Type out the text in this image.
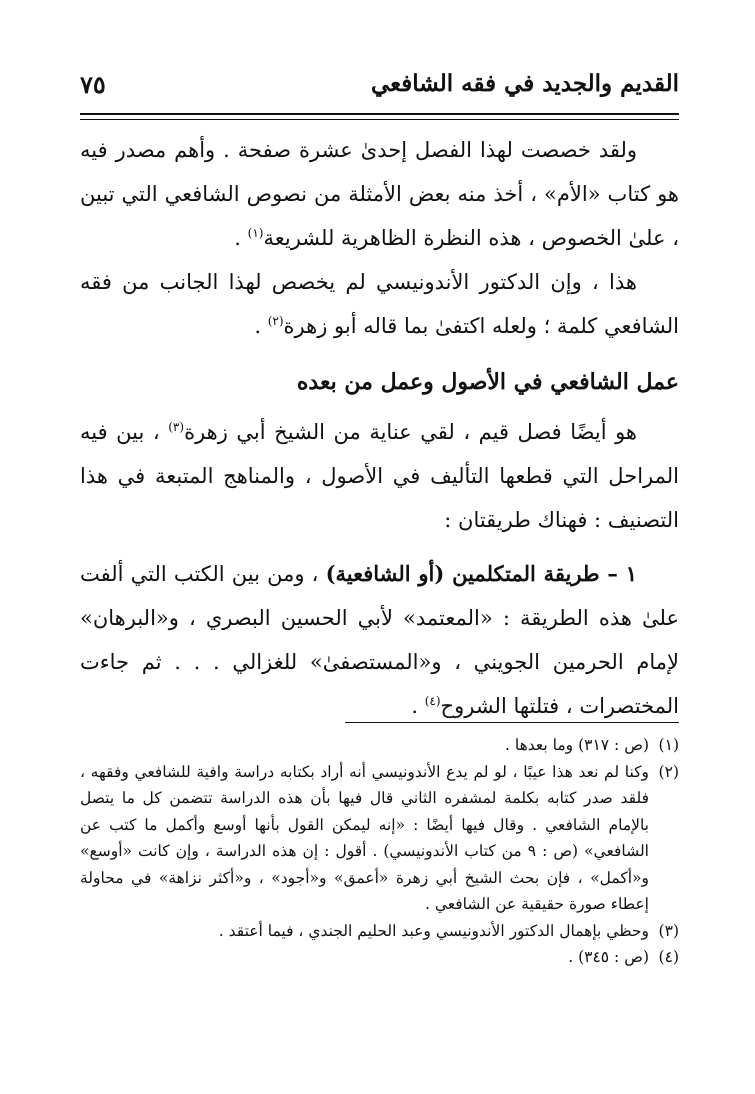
القديم والجديد في فقه الشافعي
٧٥

ولقد خصصت لهذا الفصل إحدىٰ عشرة صفحة . وأهم مصدر فيه هو كتاب «الأم» ، أخذ منه بعض الأمثلة من نصوص الشافعي التي تبين ، علىٰ الخصوص ، هذه النظرة الظاهرية للشريعة$^{(١)}$ .

هذا ، وإن الدكتور الأندونيسي لم يخصص لهذا الجانب من فقه الشافعي كلمة ؛ ولعله اكتفىٰ بما قاله أبو زهرة$^{(٢)}$ .

عمل الشافعي في الأصول وعمل من بعده

هو أيضًا فصل قيم ، لقي عناية من الشيخ أبي زهرة$^{(٣)}$ ، بين فيه المراحل التي قطعها التأليف في الأصول ، والمناهج المتبعة في هذا التصنيف : فهناك طريقتان :

١ – طريقة المتكلمين (أو الشافعية) ، ومن بين الكتب التي ألفت علىٰ هذه الطريقة : «المعتمد» لأبي الحسين البصري ، و«البرهان» لإمام الحرمين الجويني ، و«المستصفىٰ» للغزالي . . . ثم جاءت المختصرات ، فتلتها الشروح$^{(٤)}$ .

(١)
(ص : ٣١٧) وما بعدها .

(٢)
وكنا لم نعد هذا عيبًا ، لو لم يدع الأندونيسي أنه أراد بكتابه دراسة وافية للشافعي وفقهه ، فلقد صدر كتابه بكلمة لمشفره الثاني قال فيها بأن هذه الدراسة تتضمن كل ما يتصل بالإمام الشافعي . وقال فيها أيضًا : «إنه ليمكن القول بأنها أوسع وأكمل ما كتب عن الشافعي» (ص : ٩ من كتاب الأندونيسي) . أقول : إن هذه الدراسة ، وإن كانت «أوسع» و«أكمل» ، فإن بحث الشيخ أبي زهرة «أعمق» و«أجود» ، و«أكثر نزاهة» في محاولة إعطاء صورة حقيقية عن الشافعي .

(٣)
وحظي بإهمال الدكتور الأندونيسي وعبد الحليم الجندي ، فيما أعتقد .

(٤)
(ص : ٣٤٥) .
